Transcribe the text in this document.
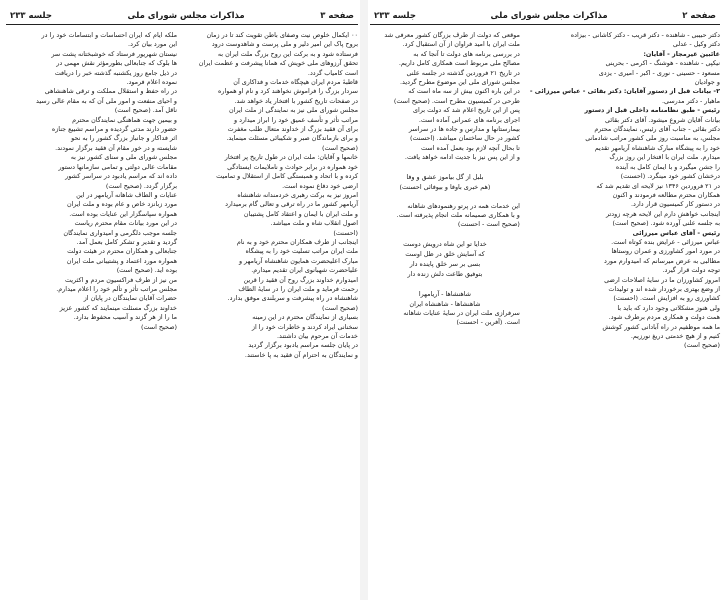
صفحه ۳
مذاکرات مجلس شورای ملی
جلسه ۲۳۳
۰۰ ایکمال خلوص نیت وصفای باطن تقویت کند تا در زمان
بروح پاک این امیر دلیر و ملی پرست و شاهدوست درود
فرستاده شود و به برکت این روح بزرگ ملت ایران به
تحقق آرزوهای ملی خویش که همانا پیشرفت و عظمت ایران
است کامیاب گردد.
قاطبهٔ مردم ایران هیچگاه خدمات و فداکاری آن
سردار بزرگ را فراموش نخواهند کرد و نام او همواره
در صفحات تاریخ کشور با افتخار یاد خواهد شد.
مجلس شورای ملی نیز به نمایندگی از ملت ایران
مراتب تأثر و تأسف عمیق خود را ابراز میدارد و
برای آن فقید بزرگ از خداوند متعال طلب مغفرت
و برای بازماندگان صبر و شکیبائی مسئلت مینماید.
(صحیح است)
خانمها و آقایان: ملت ایران در طول تاریخ پر افتخار
خود همواره در برابر حوادث و ناملایمات ایستادگی
کرده و با اتحاد و همبستگی کامل از استقلال و تمامیت
ارضی خود دفاع نموده است.
امروز نیز به برکت رهبری خردمندانه شاهنشاه
آریامهر کشور ما در راه ترقی و تعالی گام برمیدارد
و ملت ایران با ایمان و اعتقاد کامل پشتیبان
اصول انقلاب شاه و ملت میباشد.
(احسنت)
اینجانب از طرف همکاران محترم خود و به نام
ملت ایران مراتب تسلیت خود را به پیشگاه
مبارک اعلیحضرت همایون شاهنشاه آریامهر و
علیاحضرت شهبانوی ایران تقدیم میدارم.
امیدوارم خداوند بزرگ روح آن فقید را قرین
رحمت فرماید و ملت ایران را در سایهٔ الطاف
شاهنشاه در راه پیشرفت و سربلندی موفق بدارد.
(صحیح است)
بسیاری از نمایندگان محترم در این زمینه
سخنانی ایراد کردند و خاطرات خود را از
خدمات آن مرحوم بیان داشتند.
در پایان جلسه مراسم یادبود برگزار گردید
و نمایندگان به احترام آن فقید به پا خاستند.
ملکه ایام که ایران احساسات و ابتسامات خود را در
این مورد بیان کرد.
نیستان شهریور فرستاد که خوشبختانه پشت سر
ها بلوک که جنابعالی بطورمؤثر نقش مهمی در
در ذیل جامع روز یکشنبه گذشته خبر را دریافت
نموده اعلام فرمود.
در راه حفظ و استقلال مملکت و ترقی شاهنشاهی
و احیای منفعت و امور ملی آن که به مقام عالی رسید
ناقل آمد. (صحیح است)
و بیمین جهت هماهنگی نمایندگان محترم
حضور دارند مدتی گردیده و مراسم تشییع جنازه
اثر فداکار و جانباز بزرگ کشور را به نحو
شایسته و در خور مقام آن فقید برگزار نمودند.
مجلس شورای ملی و سنای کشور نیز به
مقامات عالی دولتی و تمامی سازمانها دستور
داده اند که مراسم یادبود در سراسر کشور
برگزار گردد. (صحیح است)
عنایات و الطاف شاهانه آریامهر در این
مورد زبانزد خاص و عام بوده و ملت ایران
همواره سپاسگزار این عنایات بوده است.
در این مورد بیانات مقام محترم ریاست
جلسه موجب دلگرمی و امیدواری نمایندگان
گردید و تقدیر و تشکر کامل بعمل آمد.
جنابعالی و همکاران محترم در هیئت دولت
همواره مورد اعتماد و پشتیبانی ملت ایران
بوده اید. (صحیح است)
من نیز از طرف فراکسیون مردم و اکثریت
مجلس مراتب تأثر و تألم خود را اعلام میدارم.
حضرات آقایان نمایندگان در پایان از
خداوند بزرگ مسئلت مینمایند که کشور عزیز
ما را از هر گزند و آسیب محفوظ بدارد.
(صحیح است)
صفحه ۲
مذاکرات مجلس شورای ملی
جلسه ۲۳۳
دکتر حبیبی - شاهنده - دکتر قریب - دکتر کاشانی - بیزاده
دکتر وکیل - عدلی
غائبین غیرمجاز - آقایان:
نیکپی - شاهنده - هوشنگ - اکرمی - بحرینی
مسعود - حسینی - نوری - اکبر - امیری - یزدی
و جوادیان
۲- بیانات قبل از دستور آقایان: دکتر بقائی - عباس میرزائی -
ماهیار - دکتر مدرسی.
رئیس - طبق نظامنامه داخلی قبل از دستور
بیانات آقایان شروع میشود. آقای دکتر بقائی
دکتر بقائی - جناب آقای رئیس، نمایندگان محترم
مجلس، به مناسبت روز ملی کشور مراتب شادمانی
خود را به پیشگاه مبارک شاهنشاه آریامهر تقدیم
میدارم. ملت ایران با افتخار این روز بزرگ
را جشن میگیرد و با ایمان کامل به آینده
درخشان کشور خود مینگرد. (احسنت)
در ۲۱ فروردین ۱۳۴۶ نیز لایحه ای تقدیم شد که
همکاران محترم مطالعه فرمودند و اکنون
در دستور کار کمیسیون قرار دارد.
اینجانب خواهش دارم این لایحه هرچه زودتر
به جلسه علنی آورده شود. (صحیح است)
رئیس - آقای عباس میرزائی
عباس میرزائی - عرایض بنده کوتاه است.
در مورد امور کشاورزی و عمران روستاها
مطالبی به عرض میرسانم که امیدوارم مورد
توجه دولت قرار گیرد.
امروز کشاورزان ما در سایهٔ اصلاحات ارضی
از وضع بهتری برخوردار شده اند و تولیدات
کشاورزی رو به افزایش است. (احسنت)
ولی هنوز مشکلاتی وجود دارد که باید با
همت دولت و همکاری مردم برطرف شود.
ما همه موظفیم در راه آبادانی کشور کوشش
کنیم و از هیچ خدمتی دریغ نورزیم.
(صحیح است)
موقعی که دولت از طرف بزرگان کشور معرفی شد
ملت ایران با امید فراوان از آن استقبال کرد.
در بررسی برنامه های دولت تا آنجا که به
مصالح ملی مربوط است همکاری کامل داریم.
در تاریخ ۲۱ فروردین گذشته در جلسه علنی
مجلس شورای ملی این موضوع مطرح گردید.
در این باره اکنون بیش از سه ماه است که
طرحی در کمیسیون مطرح است. (صحیح است)
پس از این تاریخ اعلام شد که دولت برای
اجرای برنامه های عمرانی آماده است.
بیمارستانها و مدارس و جاده ها در سراسر
کشور در حال ساختمان میباشد. (احسنت)
تا بحال آنچه لازم بود بعمل آمده است
و از این پس نیز با جدیت ادامه خواهد یافت.

بلبل از گل بیاموز عشق و وفا
(هم خبری باوفا و بیوفائی احسنت)

این خدمات همه در پرتو رهنمودهای شاهانه
و با همکاری صمیمانه ملت انجام پذیرفته است.
(صحیح است - احسنت)

خدایا تو این شاه درویش دوست
که آسایش خلق در ظل اوست
بسی بر سر خلق پاینده دار
بتوفیق طاعت دلش زنده دار

شاهنشاها - آریامهرا
شاهنشاها - شاهنشاه ایران
سرفرازی ملت ایران در سایهٔ عنایات شاهانه
است. (آفرین - احسنت)
